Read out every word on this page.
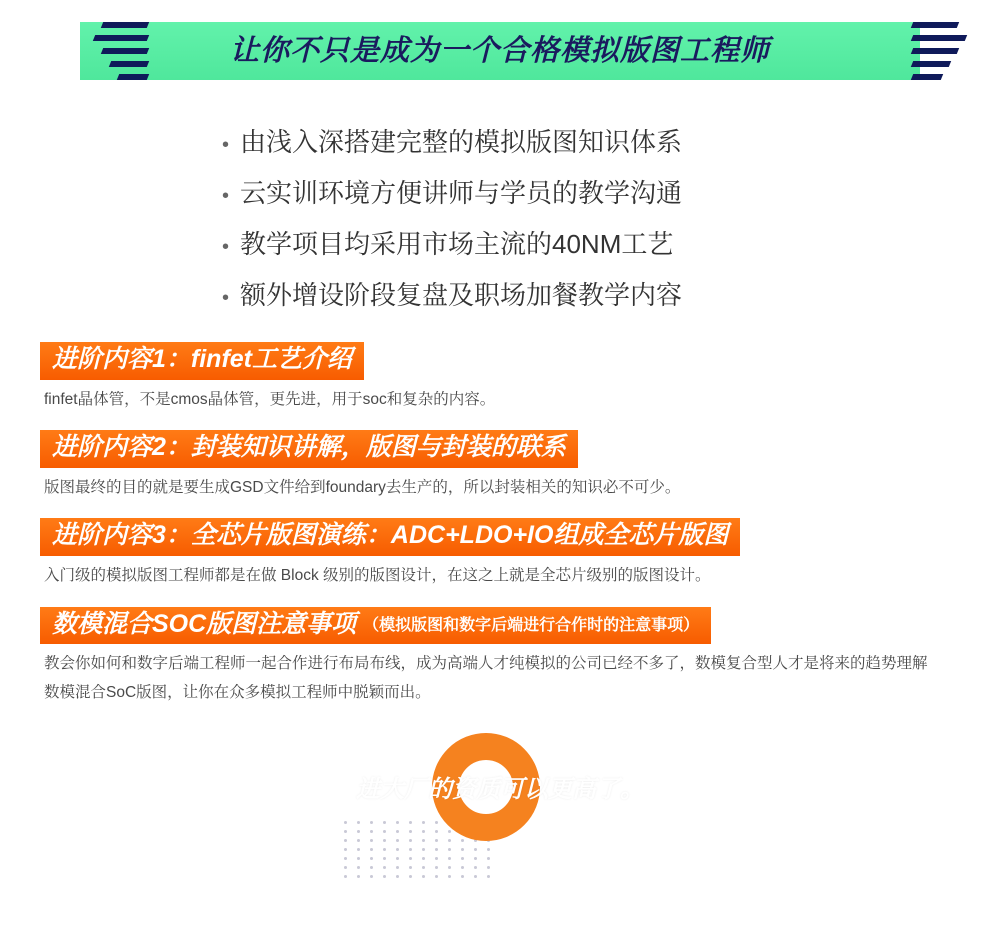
让你不只是成为一个合格模拟版图工程师
• 由浅入深搭建完整的模拟版图知识体系
• 云实训环境方便讲师与学员的教学沟通
• 教学项目均采用市场主流的40NM工艺
• 额外增设阶段复盘及职场加餐教学内容
进阶内容1：finfet工艺介绍
finfet晶体管，不是cmos晶体管，更先进，用于soc和复杂的内容。
进阶内容2：封装知识讲解，版图与封装的联系
版图最终的目的就是要生成GSD文件给到foundary去生产的，所以封装相关的知识必不可少。
进阶内容3：全芯片版图演练：ADC+LDO+IO组成全芯片版图
入门级的模拟版图工程师都是在做 Block 级别的版图设计，在这之上就是全芯片级别的版图设计。
数模混合SOC版图注意事项 （模拟版图和数字后端进行合作时的注意事项）
教会你如何和数字后端工程师一起合作进行布局布线，成为高端人才纯模拟的公司已经不多了，数模复合型人才是将来的趋势理解数模混合SoC版图，让你在众多模拟工程师中脱颖而出。
进大厂的资质可以更高了。
